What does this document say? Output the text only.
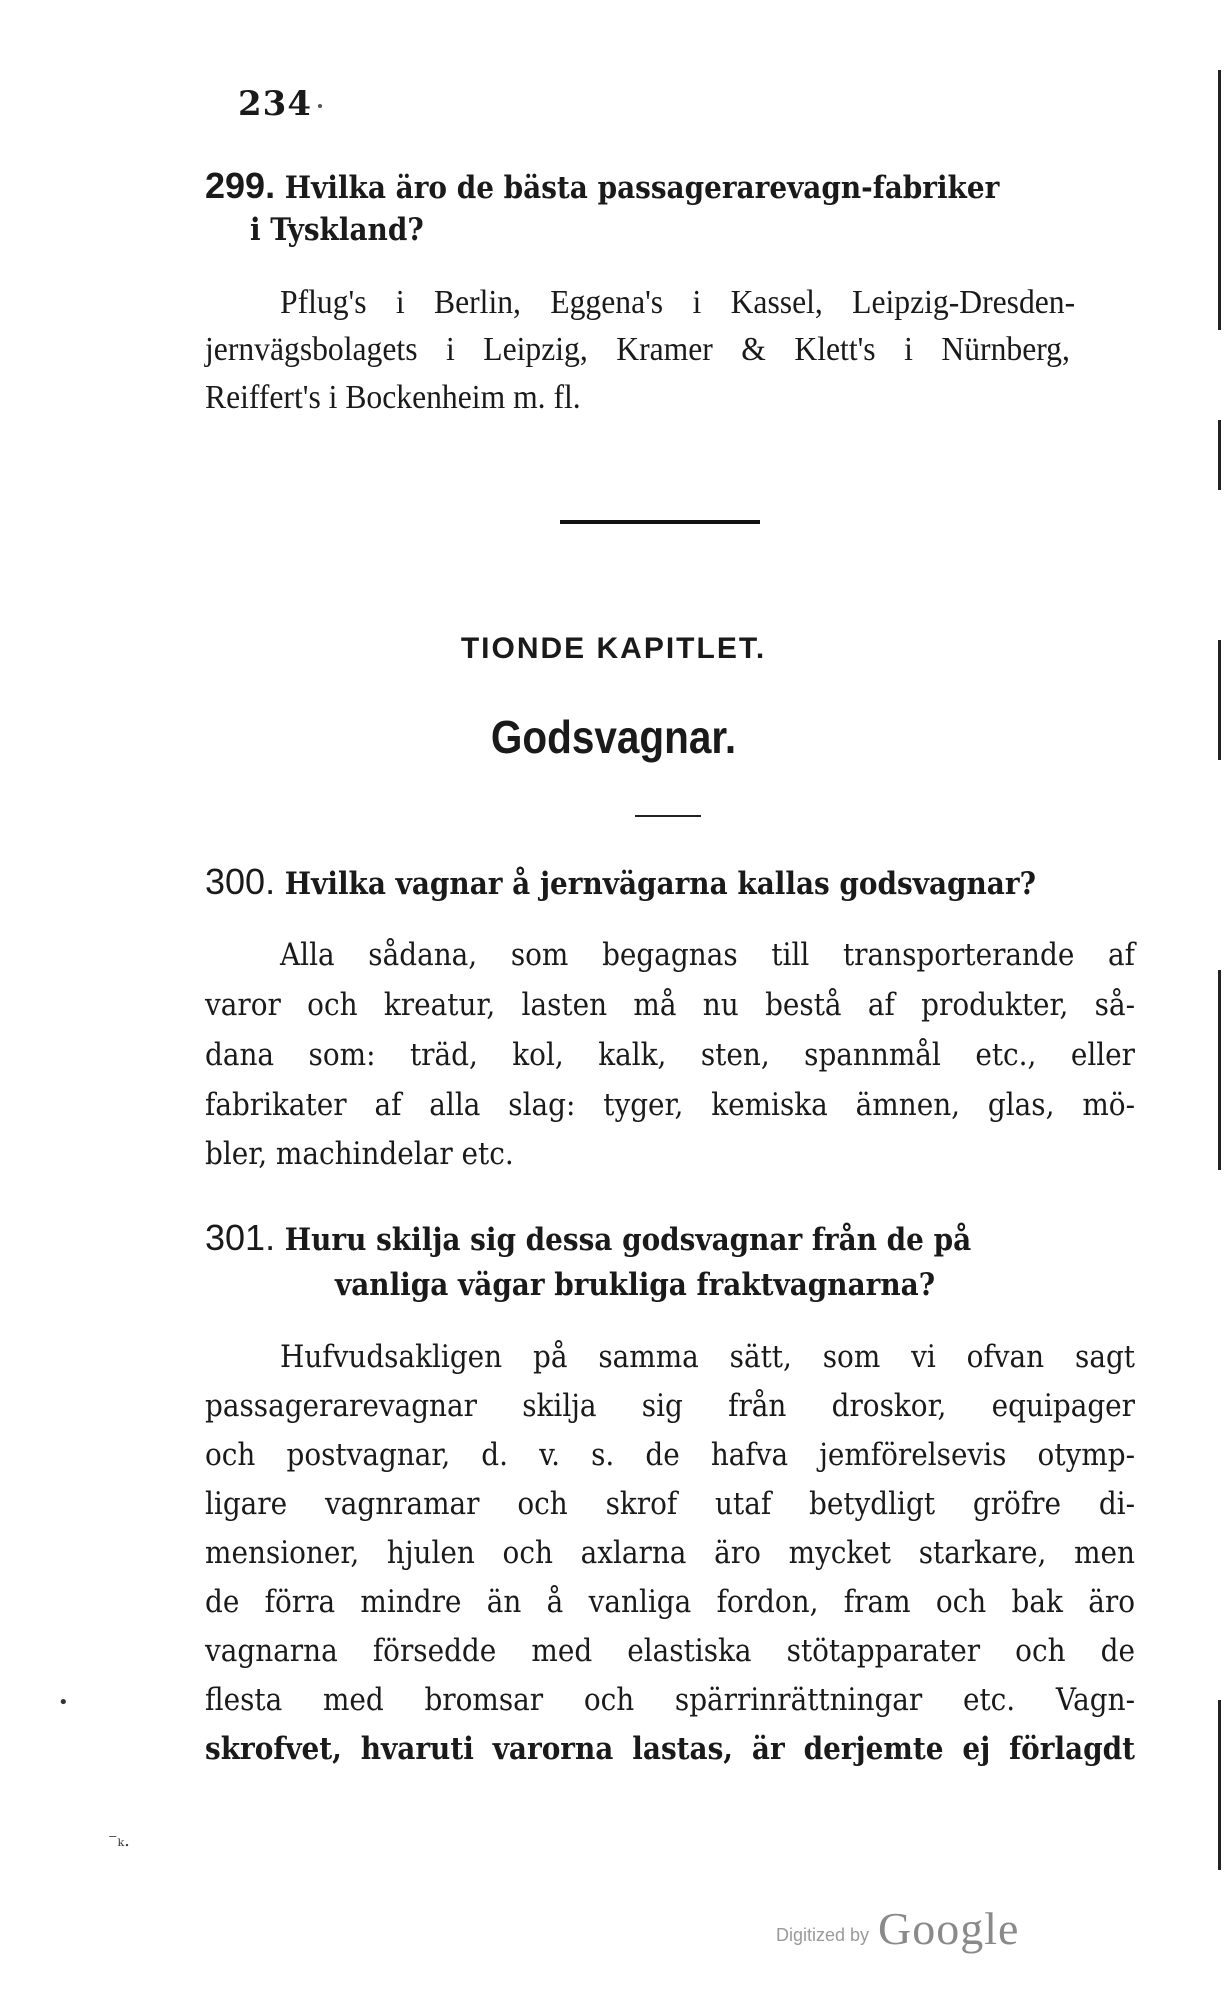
234
299. Hvilka äro de bästa passagerarevagn-fabriker
i Tyskland?
Pflug's i Berlin, Eggena's i Kassel, Leipzig-Dresden-
jernvägsbolagets i Leipzig, Kramer & Klett's i Nürnberg,
Reiffert's i Bockenheim m. fl.
TIONDE KAPITLET.
Godsvagnar.
300. Hvilka vagnar å jernvägarna kallas godsvagnar?
Alla sådana, som begagnas till transporterande af
varor och kreatur, lasten må nu bestå af produkter, så-
dana som: träd, kol, kalk, sten, spannmål etc., eller
fabrikater af alla slag: tyger, kemiska ämnen, glas, mö-
bler, machindelar etc.
301. Huru skilja sig dessa godsvagnar från de på
vanliga vägar brukliga fraktvagnarna?
Hufvudsakligen på samma sätt, som vi ofvan sagt
passagerarevagnar skilja sig från droskor, equipager
och postvagnar, d. v. s. de hafva jemförelsevis otymp-
ligare vagnramar och skrof utaf betydligt gröfre di-
mensioner, hjulen och axlarna äro mycket starkare, men
de förra mindre än å vanliga fordon, fram och bak äro
vagnarna försedde med elastiska stötapparater och de
flesta med bromsar och spärrinrättningar etc. Vagn-
skrofvet, hvaruti varorna lastas, är derjemte ej förlagdt
•
⁻ₖ.
Digitized by Google
